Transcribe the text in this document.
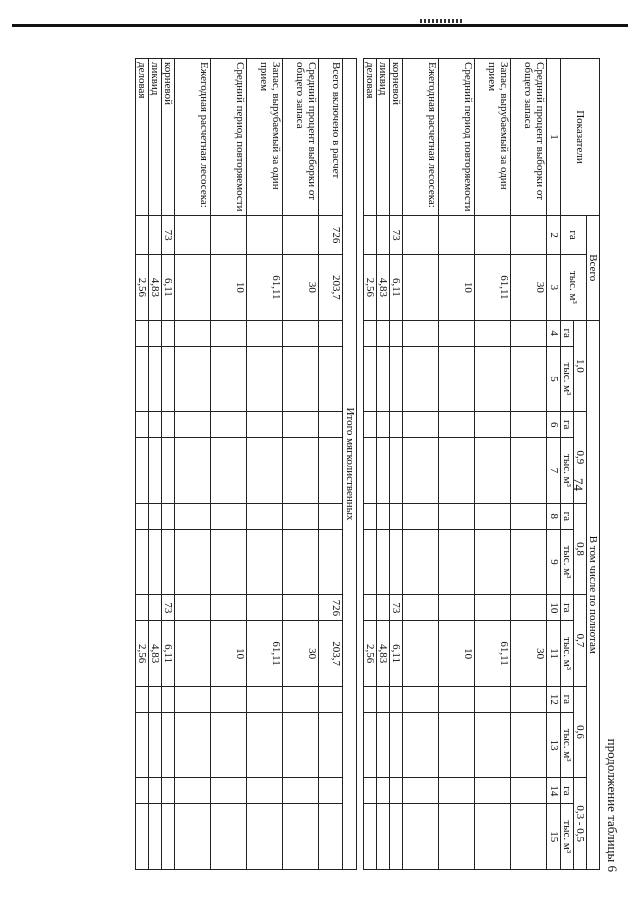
продолжение таблицы 6
Показатели	Всего		В том числе по полнотам											
	га	тыс. м³	1,0		0,9		0,8		0,7		0,6		0,3 - 0,5	
			га	тыс. м³	га	тыс. м³	га	тыс. м³	га	тыс. м³	га	тыс. м³	га	тыс. м³
1	2	3	4	5	6	7	8	9	10	11	12	13	14	15
Средний процент выборки от общего запаса		30								30				
Запас, вырубаемый за один прием		61,11								61,11				
Средний период повторяемости		10								10				
Ежегодная расчетная лесосека:														
корневой	73	6,11							73	6,11				
ликвид		4,83								4,83				
деловая		2,56								2,56				

Итого мягколиственных														
Всего включено в расчет	726	203,7							726	203,7				
Средний процент выборки от общего запаса		30								30				
Запас, вырубаемый за один прием		61,11								61,11				
Средний период повторяемости		10								10				
Ежегодная расчетная лесосека:														
корневой	73	6,11							73	6,11				
ликвид		4,83								4,83				
деловая		2,56								2,56				
74
